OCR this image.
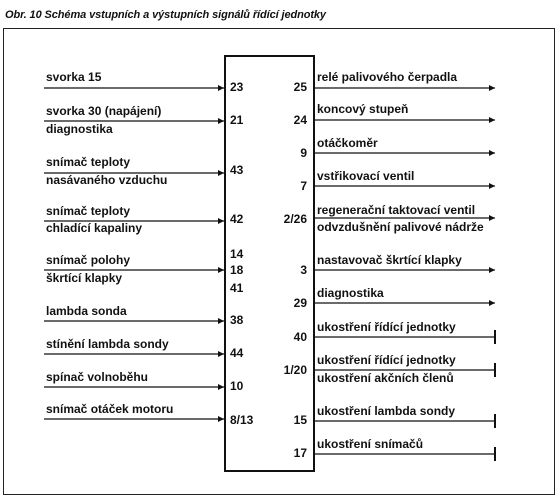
Obr. 10 Schéma vstupních a výstupních signálů řídící jednotky
svorka 15
svorka 30 (napájení)
diagnostika
snímač teploty
nasávaného vzduchu
snímač teploty
chladící kapaliny
snímač polohy
škrtící klapky
lambda sonda
stínění lambda sondy
spínač volnoběhu
snímač otáček motoru
23
21
43
42
14
18
41
38
44
10
8/13
25
24
9
7
2/26
3
29
40
1/20
15
17
relé palivového čerpadla
koncový stupeň
otáčkoměr
vstřikovací ventil
regenerační taktovací ventil
odvzdušnění palivové nádrže
nastavovač škrtící klapky
diagnostika
ukostření řídící jednotky
ukostření řídící jednotky
ukostření akčních členů
ukostření lambda sondy
ukostření snímačů
